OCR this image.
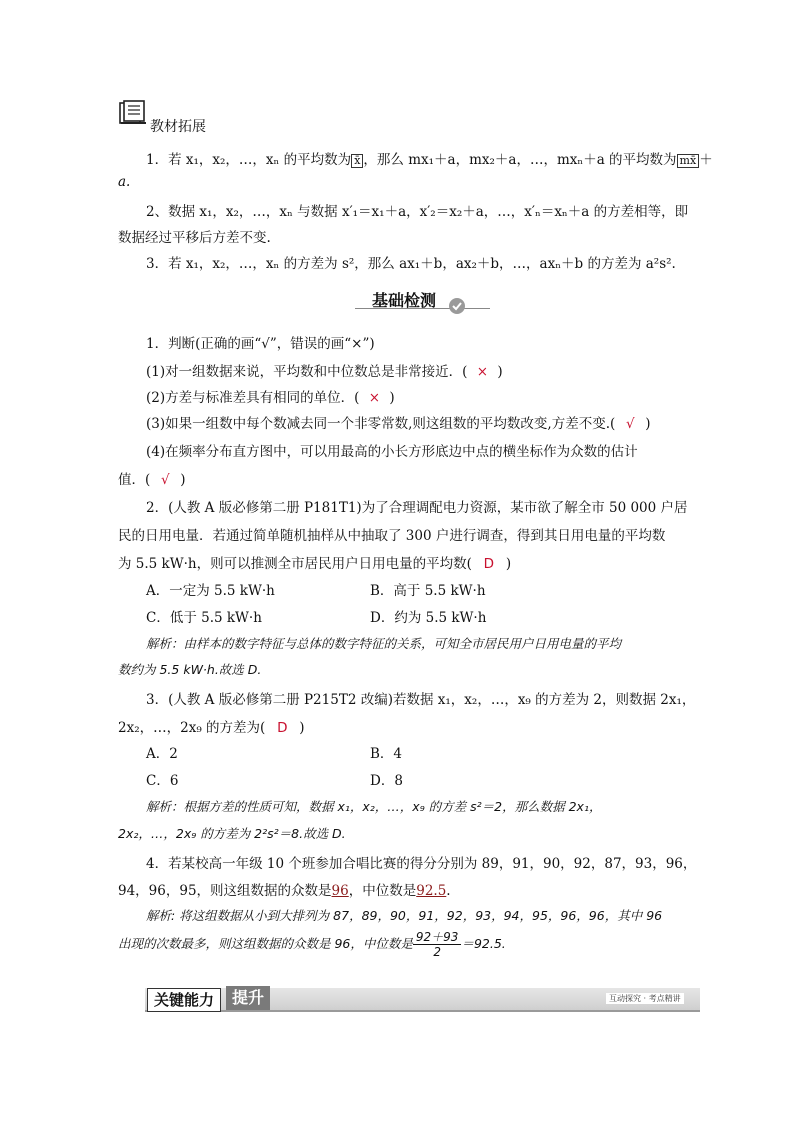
教材拓展
1．若 x₁，x₂，…，xₙ 的平均数为 x̄ ，那么 mx₁＋a，mx₂＋a，…，mxₙ＋a 的平均数为 mx̄ ＋
a.
2、数据 x₁，x₂，…，xₙ 与数据 x′₁＝x₁＋a，x′₂＝x₂＋a，…，x′ₙ＝xₙ＋a 的方差相等，即
数据经过平移后方差不变.
3．若 x₁，x₂，…，xₙ 的方差为 s²，那么 ax₁＋b，ax₂＋b，…，axₙ＋b 的方差为 a²s².
基础检测
1．判断(正确的画“√”，错误的画“×”)
(1)对一组数据来说，平均数和中位数总是非常接近．( × )
(2)方差与标准差具有相同的单位．( × )
(3)如果一组数中每个数减去同一个非零常数,则这组数的平均数改变,方差不变.( √ )
(4)在频率分布直方图中，可以用最高的小长方形底边中点的横坐标作为众数的估计
值．( √ )
2．(人教 A 版必修第二册 P181T1)为了合理调配电力资源，某市欲了解全市 50 000 户居
民的日用电量．若通过简单随机抽样从中抽取了 300 户进行调查，得到其日用电量的平均数
为 5.5 kW·h，则可以推测全市居民用户日用电量的平均数( D )
A．一定为 5.5 kW·h	B．高于 5.5 kW·h
C．低于 5.5 kW·h	D．约为 5.5 kW·h
解析：由样本的数字特征与总体的数字特征的关系，可知全市居民用户日用电量的平均
数约为 5.5 kW·h.故选 D.
3．(人教 A 版必修第二册 P215T2 改编)若数据 x₁，x₂，…，x₉ 的方差为 2，则数据 2x₁，
2x₂，…，2x₉ 的方差为( D )
A．2	B．4
C．6	D．8
解析：根据方差的性质可知，数据 x₁，x₂，…，x₉ 的方差 s²＝2，那么数据 2x₁，
2x₂，…，2x₉ 的方差为 2²s²＝8.故选 D.
4．若某校高一年级 10 个班参加合唱比赛的得分分别为 89，91，90，92，87，93，96，
94，96，95，则这组数据的众数是96，中位数是92.5.
解析: 将这组数据从小到大排列为 87，89，90，91，92，93，94，95，96，96，其中 96
出现的次数最多，则这组数据的众数是 96，中位数是 $\frac{92+93}{2} =92.5$.
关键能力	提升	互动探究 · 考点精讲
